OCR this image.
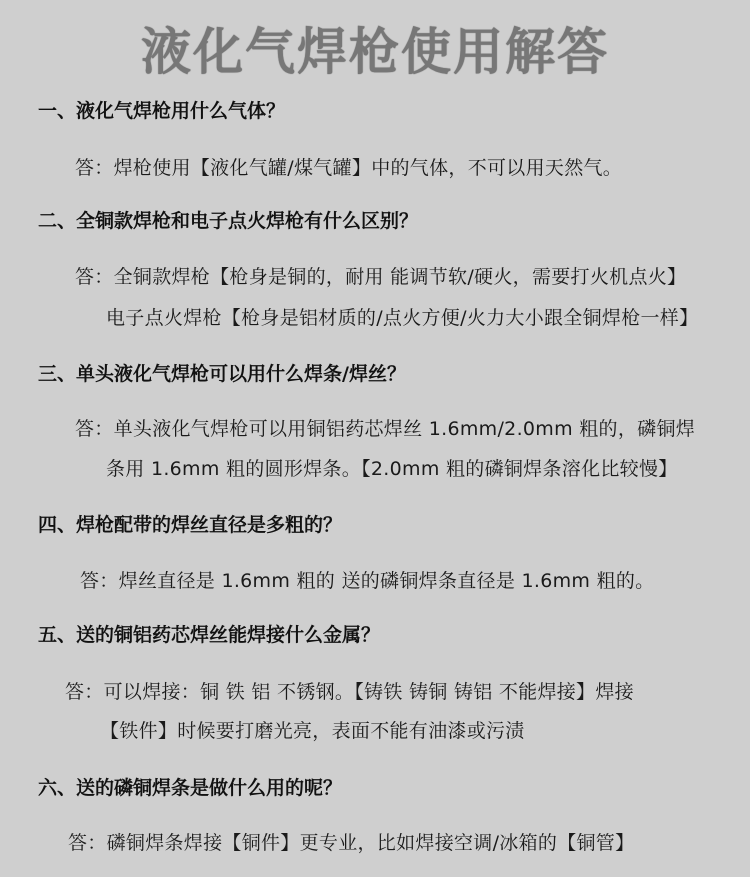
液化气焊枪使用解答
一、液化气焊枪用什么气体？
答：焊枪使用【液化气罐/煤气罐】中的气体，不可以用天然气。
二、全铜款焊枪和电子点火焊枪有什么区别？
答：全铜款焊枪【枪身是铜的，耐用 能调节软/硬火，需要打火机点火】
电子点火焊枪【枪身是铝材质的/点火方便/火力大小跟全铜焊枪一样】
三、单头液化气焊枪可以用什么焊条/焊丝？
答：单头液化气焊枪可以用铜铝药芯焊丝 1.6mm/2.0mm 粗的，磷铜焊
条用 1.6mm 粗的圆形焊条。【2.0mm 粗的磷铜焊条溶化比较慢】
四、焊枪配带的焊丝直径是多粗的？
答：焊丝直径是 1.6mm 粗的 送的磷铜焊条直径是 1.6mm 粗的。
五、送的铜铝药芯焊丝能焊接什么金属？
答：可以焊接：铜 铁 铝 不锈钢。【铸铁 铸铜 铸铝 不能焊接】焊接
【铁件】时候要打磨光亮，表面不能有油漆或污渍
六、送的磷铜焊条是做什么用的呢？
答：磷铜焊条焊接【铜件】更专业，比如焊接空调/冰箱的【铜管】
